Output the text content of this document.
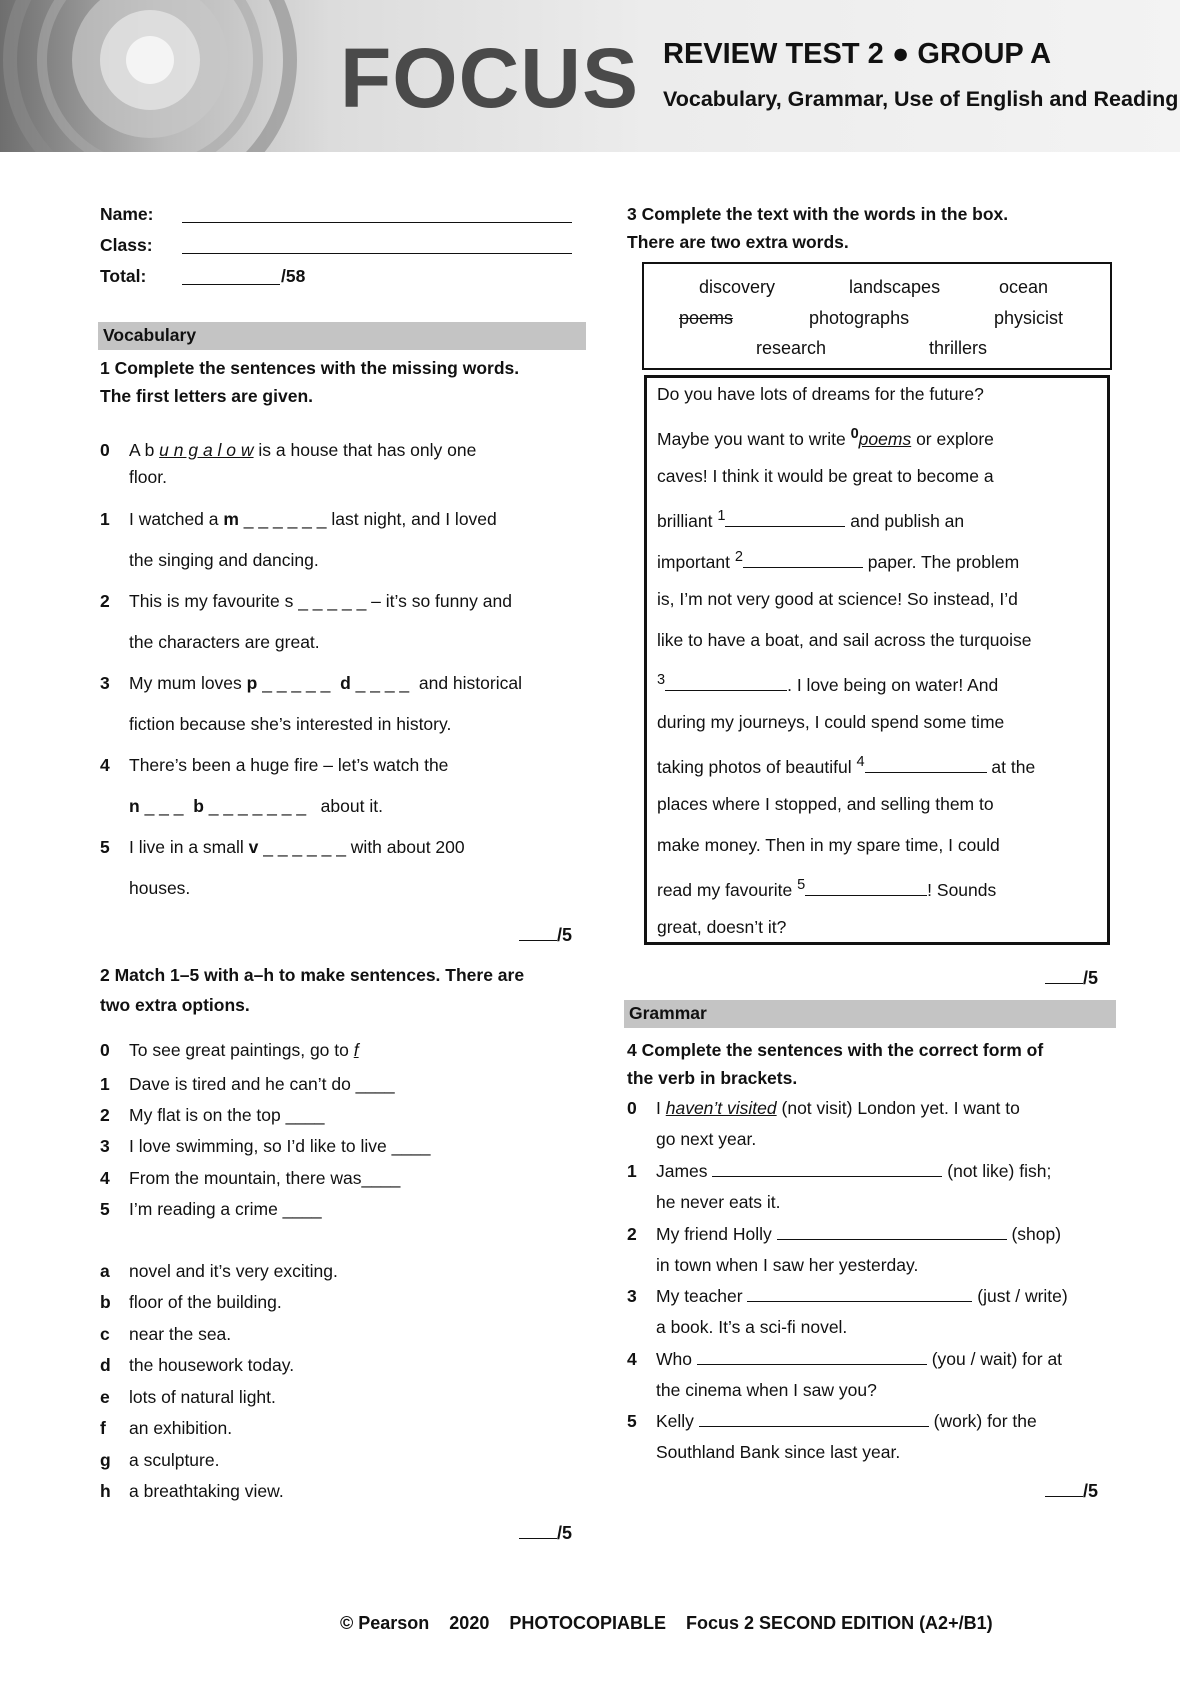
FOCUS REVIEW TEST 2 ● GROUP A
Vocabulary, Grammar, Use of English and Reading
Name:
Class:
Total:	/58
Vocabulary
1 Complete the sentences with the missing words.
The first letters are given.
0	A b u n g a l o w is a house that has only one
floor.
1	I watched a m _ _ _ _ _ _ last night, and I loved
the singing and dancing.
2	This is my favourite s _ _ _ _ _ – it’s so funny and
the characters are great.
3	My mum loves p _ _ _ _ _  d _ _ _ _  and historical
fiction because she’s interested in history.
4	There’s been a huge fire – let’s watch the
n _ _ _  b _ _ _ _ _ _ _   about it.
5	I live in a small v _ _ _ _ _ _ with about 200
houses.
/5
2 Match 1–5 with a–h to make sentences. There are
two extra options.
0	To see great paintings, go to f
1	Dave is tired and he can’t do ____
2	My flat is on the top ____
3	I love swimming, so I’d like to live ____
4	From the mountain, there was____
5	I’m reading a crime ____
a	novel and it’s very exciting.
b	floor of the building.
c	near the sea.
d	the housework today.
e	lots of natural light.
f	an exhibition.
g	a sculpture.
h	a breathtaking view.
/5
3 Complete the text with the words in the box.
There are two extra words.
discovery	landscapes	ocean
poems	photographs	physicist
research	thrillers
Do you have lots of dreams for the future?
Maybe you want to write $^0$poems or explore
caves! I think it would be great to become a
brilliant $^1$	and publish an
important $^2$	paper. The problem
is, I’m not very good at science! So instead, I’d
like to have a boat, and sail across the turquoise
$^3$	. I love being on water! And
during my journeys, I could spend some time
taking photos of beautiful $^4$	at the
places where I stopped, and selling them to
make money. Then in my spare time, I could
read my favourite $^5$	! Sounds
great, doesn’t it?
/5
Grammar
4 Complete the sentences with the correct form of
the verb in brackets.
0	I haven’t visited (not visit) London yet. I want to
go next year.
1	James	(not like) fish;
he never eats it.
2	My friend Holly	(shop)
in town when I saw her yesterday.
3	My teacher	(just / write)
a book. It’s a sci-fi novel.
4	Who	(you / wait) for at
the cinema when I saw you?
5	Kelly	(work) for the
Southland Bank since last year.
/5
© Pearson    2020    PHOTOCOPIABLE    Focus 2 SECOND EDITION (A2+/B1)
